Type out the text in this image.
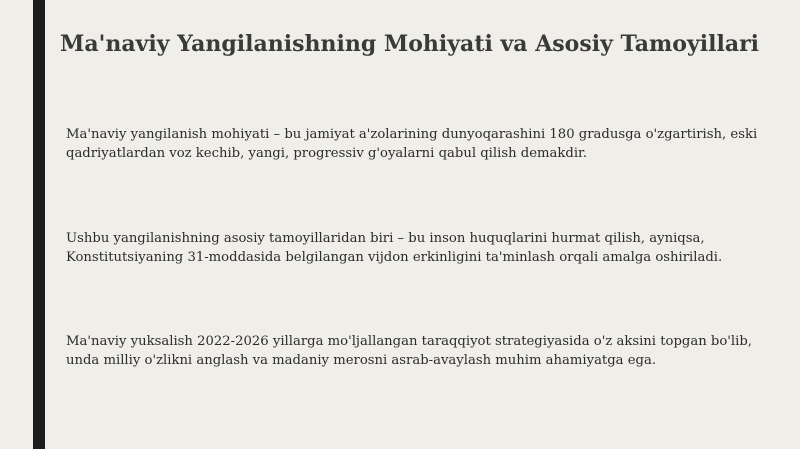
Ma'naviy Yangilanishning Mohiyati va Asosiy Tamoyillari

Ma'naviy yangilanish mohiyati – bu jamiyat a'zolarining dunyoqarashini 180 gradusga o'zgartirish, eski qadriyatlardan voz kechib, yangi, progressiv g'oyalarni qabul qilish demakdir.

Ushbu yangilanishning asosiy tamoyillaridan biri – bu inson huquqlarini hurmat qilish, ayniqsa, Konstitutsiyaning 31-moddasida belgilangan vijdon erkinligini ta'minlash orqali amalga oshiriladi.

Ma'naviy yuksalish 2022-2026 yillarga mo'ljallangan taraqqiyot strategiyasida o'z aksini topgan bo'lib, unda milliy o'zlikni anglash va madaniy merosni asrab-avaylash muhim ahamiyatga ega.
